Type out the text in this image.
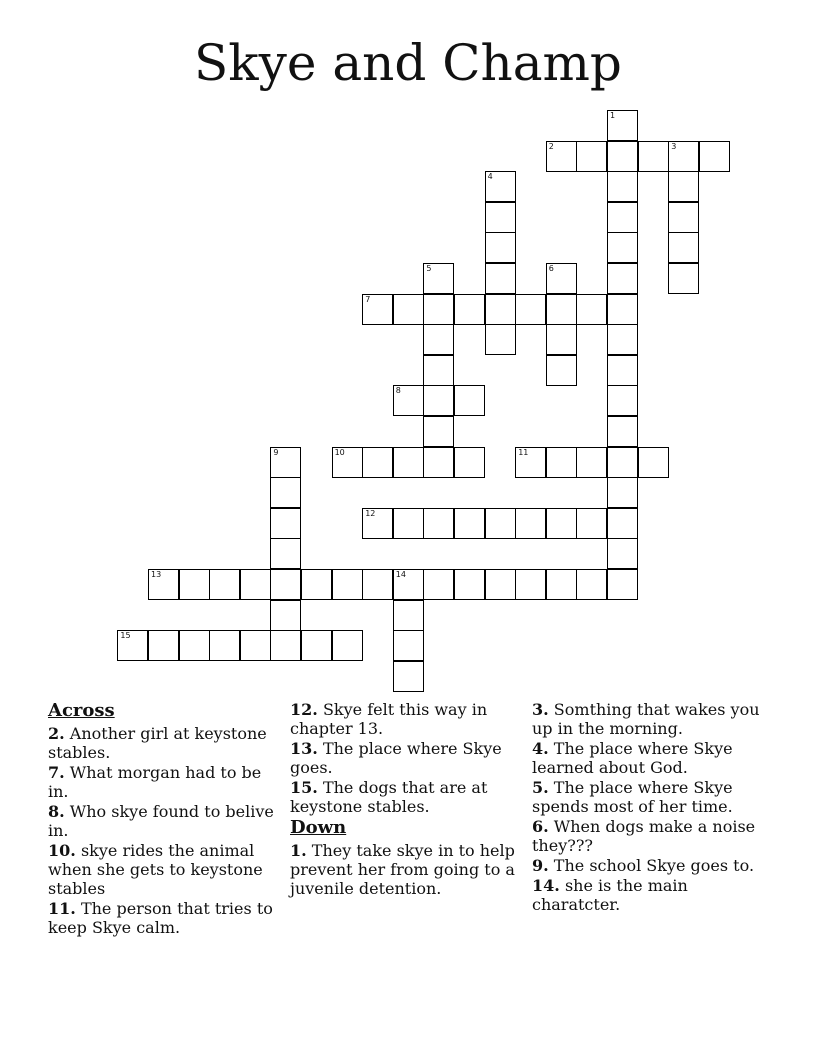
Skye and Champ
1
2	3
4
5	6
7
8
9	10	11
12
13	14
15
Across
2. Another girl at keystone stables.
7. What morgan had to be in.
8. Who skye found to belive in.
10. skye rides the animal when she gets to keystone stables
11. The person that tries to keep Skye calm.
12. Skye felt this way in chapter 13.
13. The place where Skye goes.
15. The dogs that are at keystone stables.
Down
1. They take skye in to help prevent her from going to a juvenile detention.
3. Somthing that wakes you up in the morning.
4. The place where Skye learned about God.
5. The place where Skye spends most of her time.
6. When dogs make a noise they???
9. The school Skye goes to.
14. she is the main charatcter.
